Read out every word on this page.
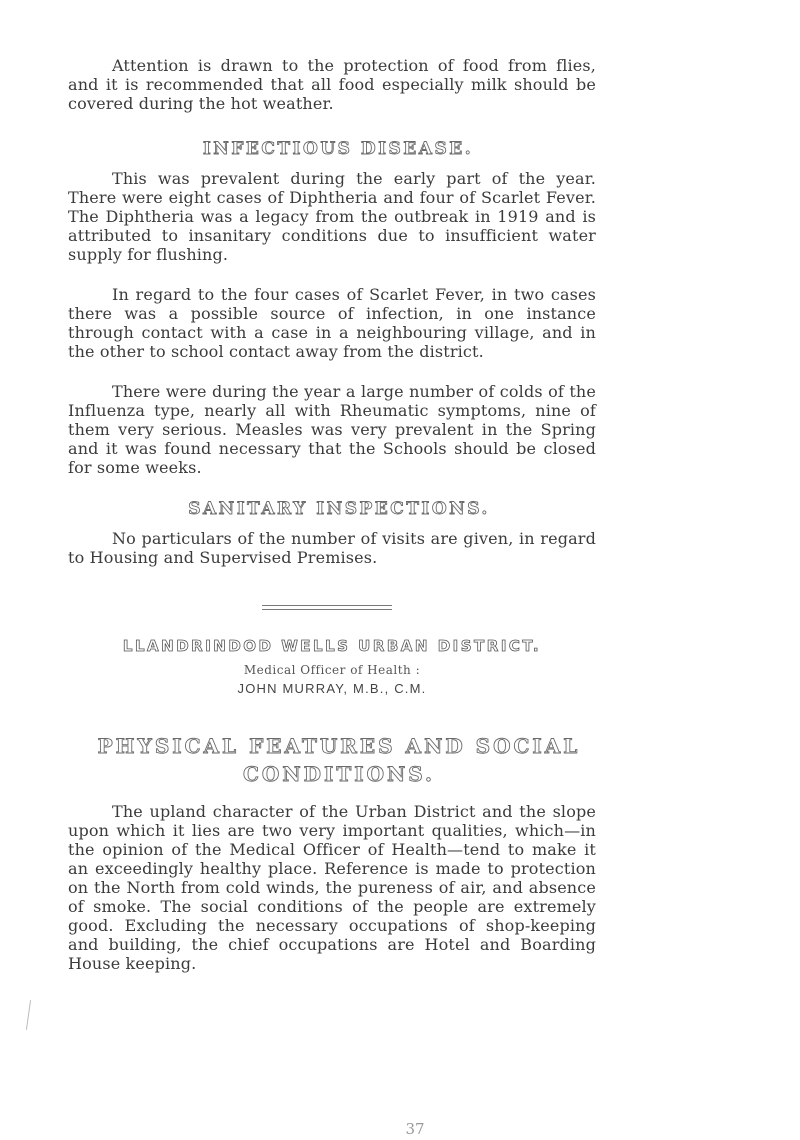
Attention is drawn to the protection of food from flies, and it is recommended that all food especially milk should be covered during the hot weather.

INFECTIOUS DISEASE.

This was prevalent during the early part of the year. There were eight cases of Diphtheria and four of Scarlet Fever. The Diphtheria was a legacy from the outbreak in 1919 and is attributed to insanitary conditions due to insufficient water supply for flushing.

In regard to the four cases of Scarlet Fever, in two cases there was a possible source of infection, in one instance through contact with a case in a neighbouring village, and in the other to school contact away from the district.

There were during the year a large number of colds of the Influenza type, nearly all with Rheumatic symptoms, nine of them very serious. Measles was very prevalent in the Spring and it was found necessary that the Schools should be closed for some weeks.

SANITARY INSPECTIONS.

No particulars of the number of visits are given, in regard to Housing and Supervised Premises.

LLANDRINDOD WELLS URBAN DISTRICT.
Medical Officer of Health :
JOHN MURRAY, M.B., C.M.
PHYSICAL FEATURES AND SOCIAL
CONDITIONS.

The upland character of the Urban District and the slope upon which it lies are two very important qualities, which—in the opinion of the Medical Officer of Health—tend to make it an exceedingly healthy place. Reference is made to protection on the North from cold winds, the pureness of air, and absence of smoke. The social conditions of the people are extremely good. Excluding the necessary occupations of shop-keeping and building, the chief occupations are Hotel and Boarding House keeping.

37
